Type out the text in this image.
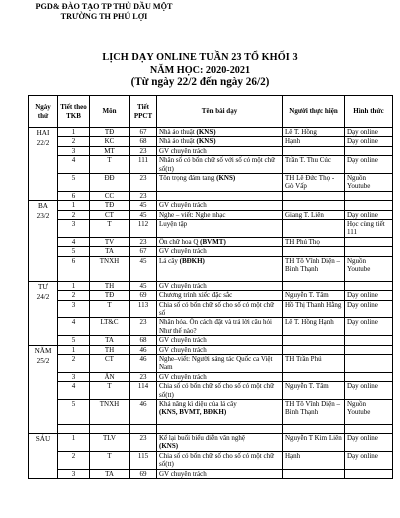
PGD& ĐÀO TẠO TP THỦ DẦU MỘT
TRƯỜNG TH PHÚ LỢI
LỊCH DẠY ONLINE TUẦN 23 TỔ KHỐI 3
NĂM HỌC: 2020-2021
(Từ ngày 22/2 đến ngày 26/2)
Ngày thứ	Tiết theo TKB	Môn	Tiết PPCT	Tên bài dạy	Người thực hiện	Hình thức
HAI
22/2	1	TĐ	67	Nhà ảo thuật (KNS)	Lê T. Hồng	Dạy online
	2	KC	68	Nhà ảo thuật (KNS)	Hạnh	Dạy online
	3	MT	23	GV chuyên trách		
	4	T	111	Nhân số có bốn chữ số với số có một chữ số(tt)	Trần T. Thu Cúc	Dạy online
	5	ĐĐ	23	Tôn trọng đám tang (KNS)	TH Lê Đức Thọ - Gò Vấp	Nguồn Youtube
	6	CC	23			
BA
23/2	1	TĐ	45	GV chuyên trách		
	2	CT	45	Nghe – viết: Nghe nhạc	Giang T. Liên	Dạy online
	3	T	112	Luyện tập		Học cùng tiết 111
	4	TV	23	Ôn chữ hoa Q (BVMT)	TH Phú Thọ	
	5	TA	67	GV chuyên trách		
	6	TNXH	45	Lá cây (BĐKH)	TH Tô Vĩnh Diện – Bình Thạnh	Nguồn Youtube
TƯ
24/2	1	TH	45	GV chuyên trách		
	2	TĐ	69	Chương trình xiếc đặc sắc	Nguyễn T. Tâm	Dạy online
	3	T	113	Chia số có bốn chữ số cho số có một chữ số	Hồ Thị Thanh Hằng	Dạy online
	4	LT&C	23	Nhân hóa. Ôn cách đặt và trả lời câu hỏi Như thế nào?	Lê T. Hồng Hạnh	Dạy online
	5	TA	68	GV chuyên trách		
NĂM
25/2	1	TH	46	GV chuyên trách		
	2	CT	46	Nghe–viết: Người sáng tác Quốc ca Việt Nam	TH Trần Phú	
	3	ÂN	23	GV chuyên trách		
	4	T	114	Chia số có bốn chữ số cho số có một chữ số(tt)	Nguyễn T. Tâm	Dạy online
	5	TNXH	46	Khả năng kì diệu của lá cây
(KNS, BVMT, BĐKH)	TH Tô Vĩnh Diện – Bình Thạnh	Nguồn Youtube

SÁU	1	TLV	23	Kể lại buổi biểu diễn văn nghệ
(KNS)	Nguyễn T Kim Liên	Dạy online
	2	T	115	Chia số có bốn chữ số cho số có một chữ số(tt)	Hạnh	Dạy online
	3	TA	69	GV chuyên trách		
